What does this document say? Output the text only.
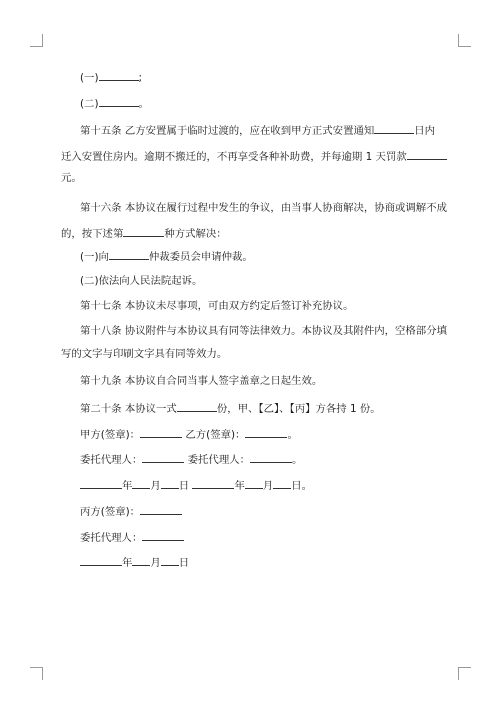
(一)	;
(二)	。
第十五条 乙方安置属于临时过渡的，应在收到甲方正式安置通知	日内
迁入安置住房内。逾期不搬迁的，不再享受各种补助费，并每逾期 1 天罚款
元。
第十六条 本协议在履行过程中发生的争议，由当事人协商解决，协商或调解不成
的，按下述第	种方式解决：
(一)向	仲裁委员会申请仲裁。
(二)依法向人民法院起诉。
第十七条 本协议未尽事项，可由双方约定后签订补充协议。
第十八条 协议附件与本协议具有同等法律效力。本协议及其附件内，空格部分填
写的文字与印刷文字具有同等效力。
第十九条 本协议自合同当事人签字盖章之日起生效。
第二十条 本协议一式	份，甲、【乙】、【丙】方各持 1 份。
甲方(签章)：	乙方(签章)：	。
委托代理人：	委托代理人：	。
年 月 日	年 月 日。
丙方(签章)：
委托代理人：
年 月 日
